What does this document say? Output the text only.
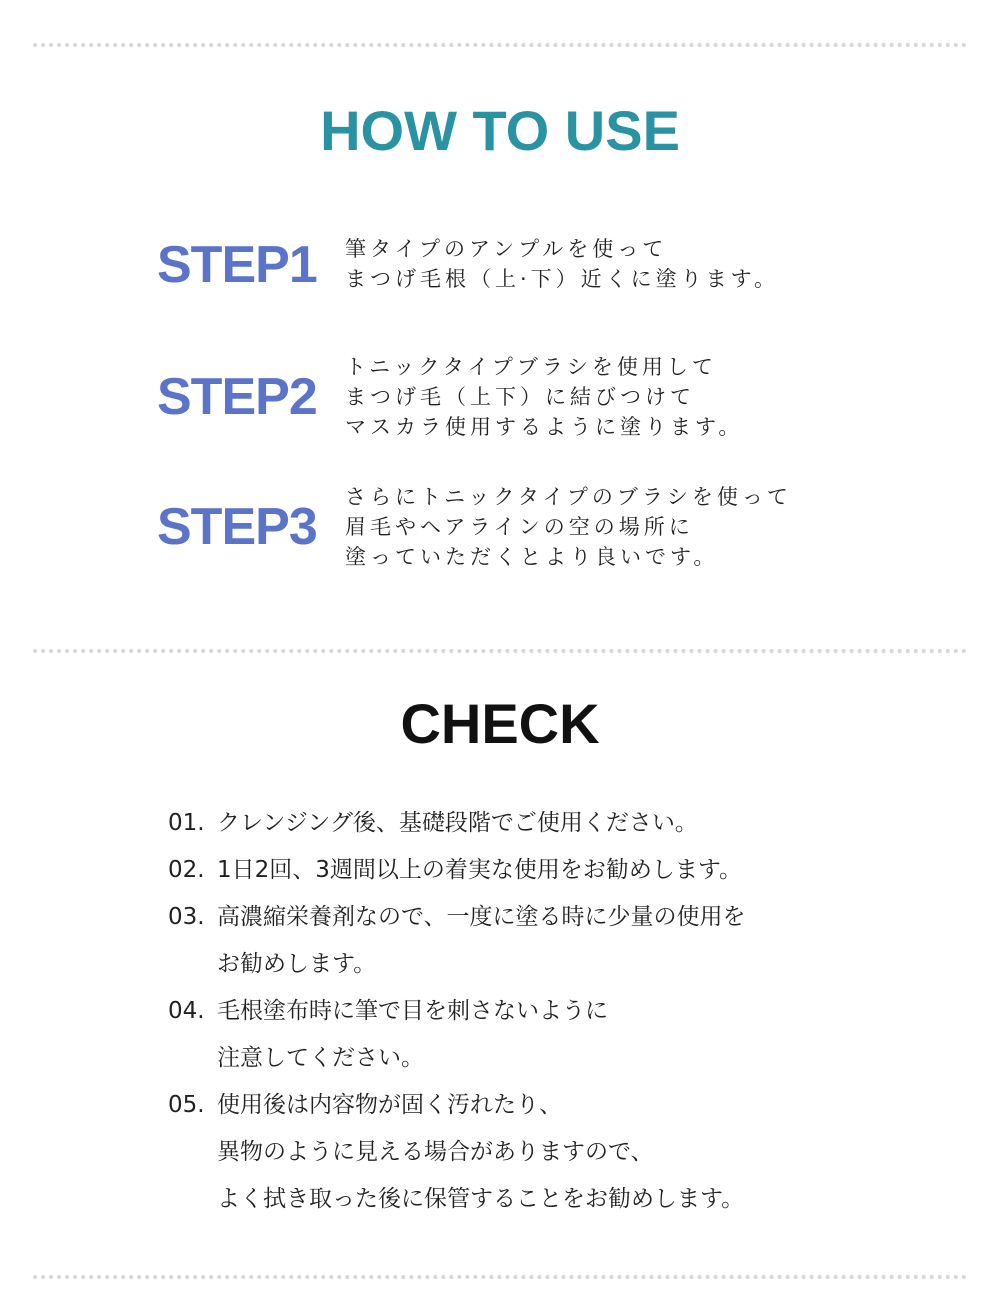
HOW TO USE
STEP1 筆タイプのアンプルを使って
まつげ毛根（上·下）近くに塗ります。
STEP2
トニックタイプブラシを使用して
まつげ毛（上下）に結びつけて
マスカラ使用するように塗ります。
STEP3
さらにトニックタイプのブラシを使って
眉毛やヘアラインの空の場所に
塗っていただくとより良いです。
CHECK
01. クレンジング後、基礎段階でご使用ください。
02. 1日2回、3週間以上の着実な使用をお勧めします。
03. 高濃縮栄養剤なので、一度に塗る時に少量の使用を
お勧めします。
04. 毛根塗布時に筆で目を刺さないように
注意してください。
05. 使用後は内容物が固く汚れたり、
異物のように見える場合がありますので、
よく拭き取った後に保管することをお勧めします。
